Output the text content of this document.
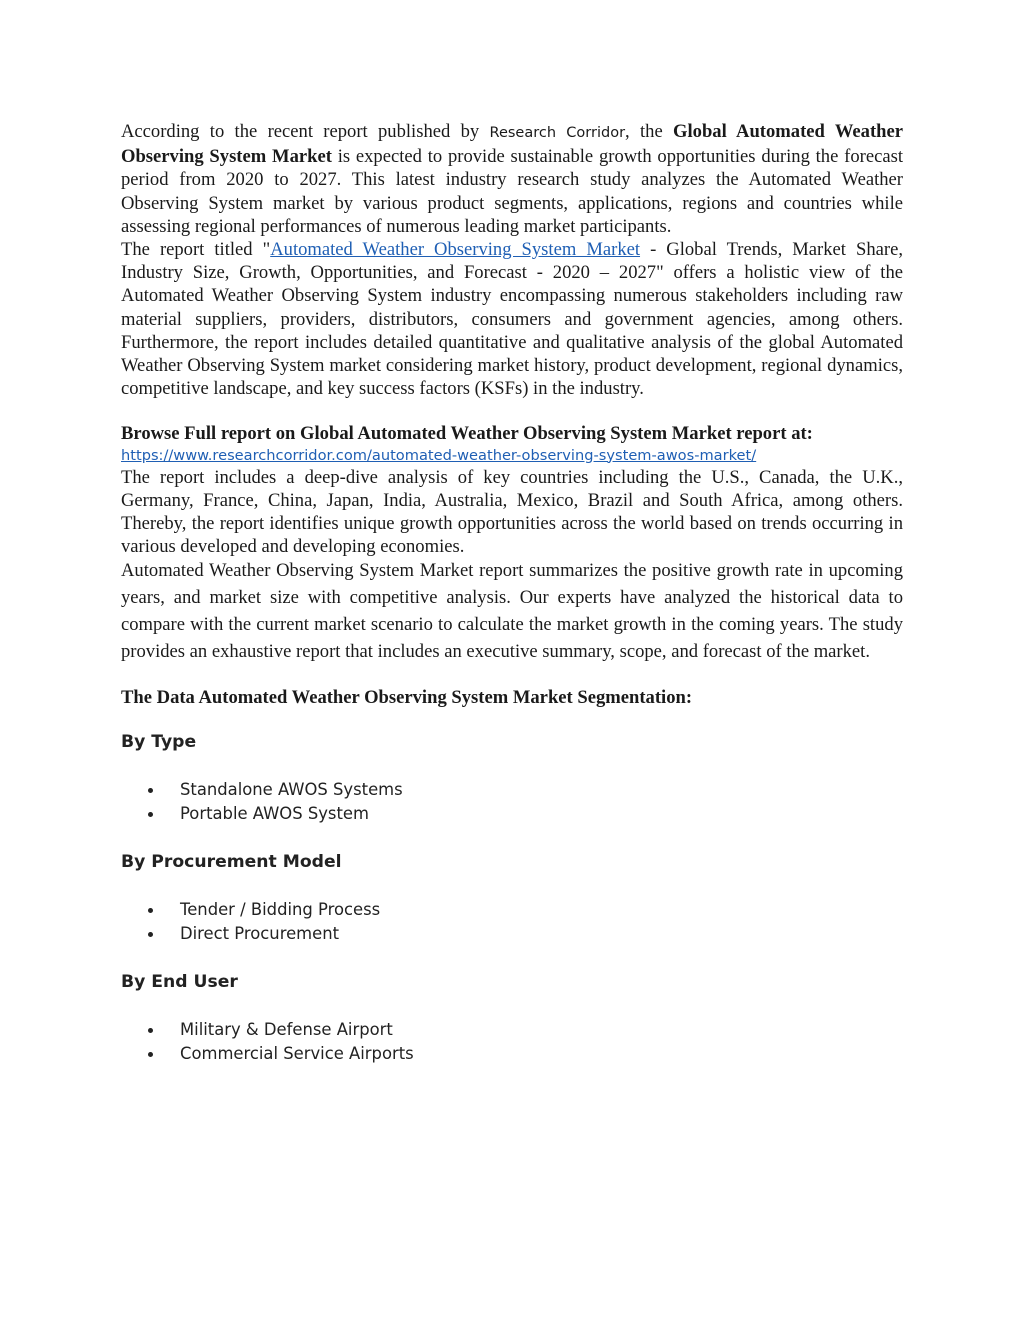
According to the recent report published by Research Corridor, the Global Automated Weather Observing System Market is expected to provide sustainable growth opportunities during the forecast period from 2020 to 2027. This latest industry research study analyzes the Automated Weather Observing System market by various product segments, applications, regions and countries while assessing regional performances of numerous leading market participants.

The report titled "Automated Weather Observing System Market - Global Trends, Market Share, Industry Size, Growth, Opportunities, and Forecast - 2020 – 2027" offers a holistic view of the Automated Weather Observing System industry encompassing numerous stakeholders including raw material suppliers, providers, distributors, consumers and government agencies, among others. Furthermore, the report includes detailed quantitative and qualitative analysis of the global Automated Weather Observing System market considering market history, product development, regional dynamics, competitive landscape, and key success factors (KSFs) in the industry.

Browse Full report on Global Automated Weather Observing System Market report at:
https://www.researchcorridor.com/automated-weather-observing-system-awos-market/

The report includes a deep-dive analysis of key countries including the U.S., Canada, the U.K., Germany, France, China, Japan, India, Australia, Mexico, Brazil and South Africa, among others. Thereby, the report identifies unique growth opportunities across the world based on trends occurring in various developed and developing economies.

Automated Weather Observing System Market report summarizes the positive growth rate in upcoming years, and market size with competitive analysis. Our experts have analyzed the historical data to compare with the current market scenario to calculate the market growth in the coming years. The study provides an exhaustive report that includes an executive summary, scope, and forecast of the market.

The Data Automated Weather Observing System Market Segmentation:
By Type
Standalone AWOS Systems
Portable AWOS System
By Procurement Model
Tender / Bidding Process
Direct Procurement
By End User
Military & Defense Airport
Commercial Service Airports
